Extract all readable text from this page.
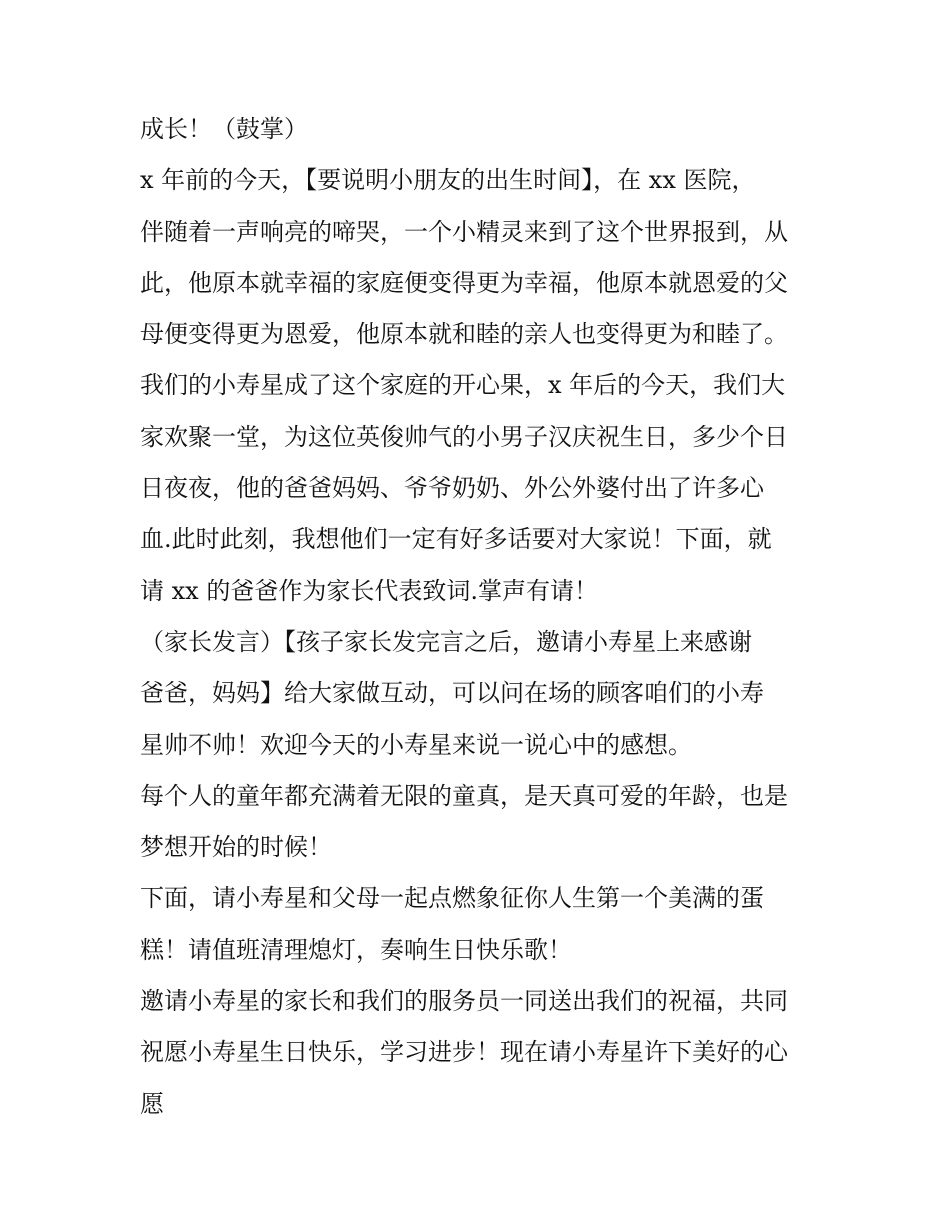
成长！（鼓掌）
x 年前的今天，【要说明小朋友的出生时间】，在 xx 医院，
伴随着一声响亮的啼哭，一个小精灵来到了这个世界报到，从
此，他原本就幸福的家庭便变得更为幸福，他原本就恩爱的父
母便变得更为恩爱，他原本就和睦的亲人也变得更为和睦了。
我们的小寿星成了这个家庭的开心果，x 年后的今天，我们大
家欢聚一堂，为这位英俊帅气的小男子汉庆祝生日，多少个日
日夜夜，他的爸爸妈妈、爷爷奶奶、外公外婆付出了许多心
血.此时此刻，我想他们一定有好多话要对大家说！下面，就
请 xx 的爸爸作为家长代表致词.掌声有请！
（家长发言）【孩子家长发完言之后，邀请小寿星上来感谢
爸爸，妈妈】给大家做互动，可以问在场的顾客咱们的小寿
星帅不帅！欢迎今天的小寿星来说一说心中的感想。
每个人的童年都充满着无限的童真，是天真可爱的年龄，也是
梦想开始的时候！
下面，请小寿星和父母一起点燃象征你人生第一个美满的蛋
糕！请值班清理熄灯，奏响生日快乐歌！
邀请小寿星的家长和我们的服务员一同送出我们的祝福，共同
祝愿小寿星生日快乐，学习进步！现在请小寿星许下美好的心
愿
